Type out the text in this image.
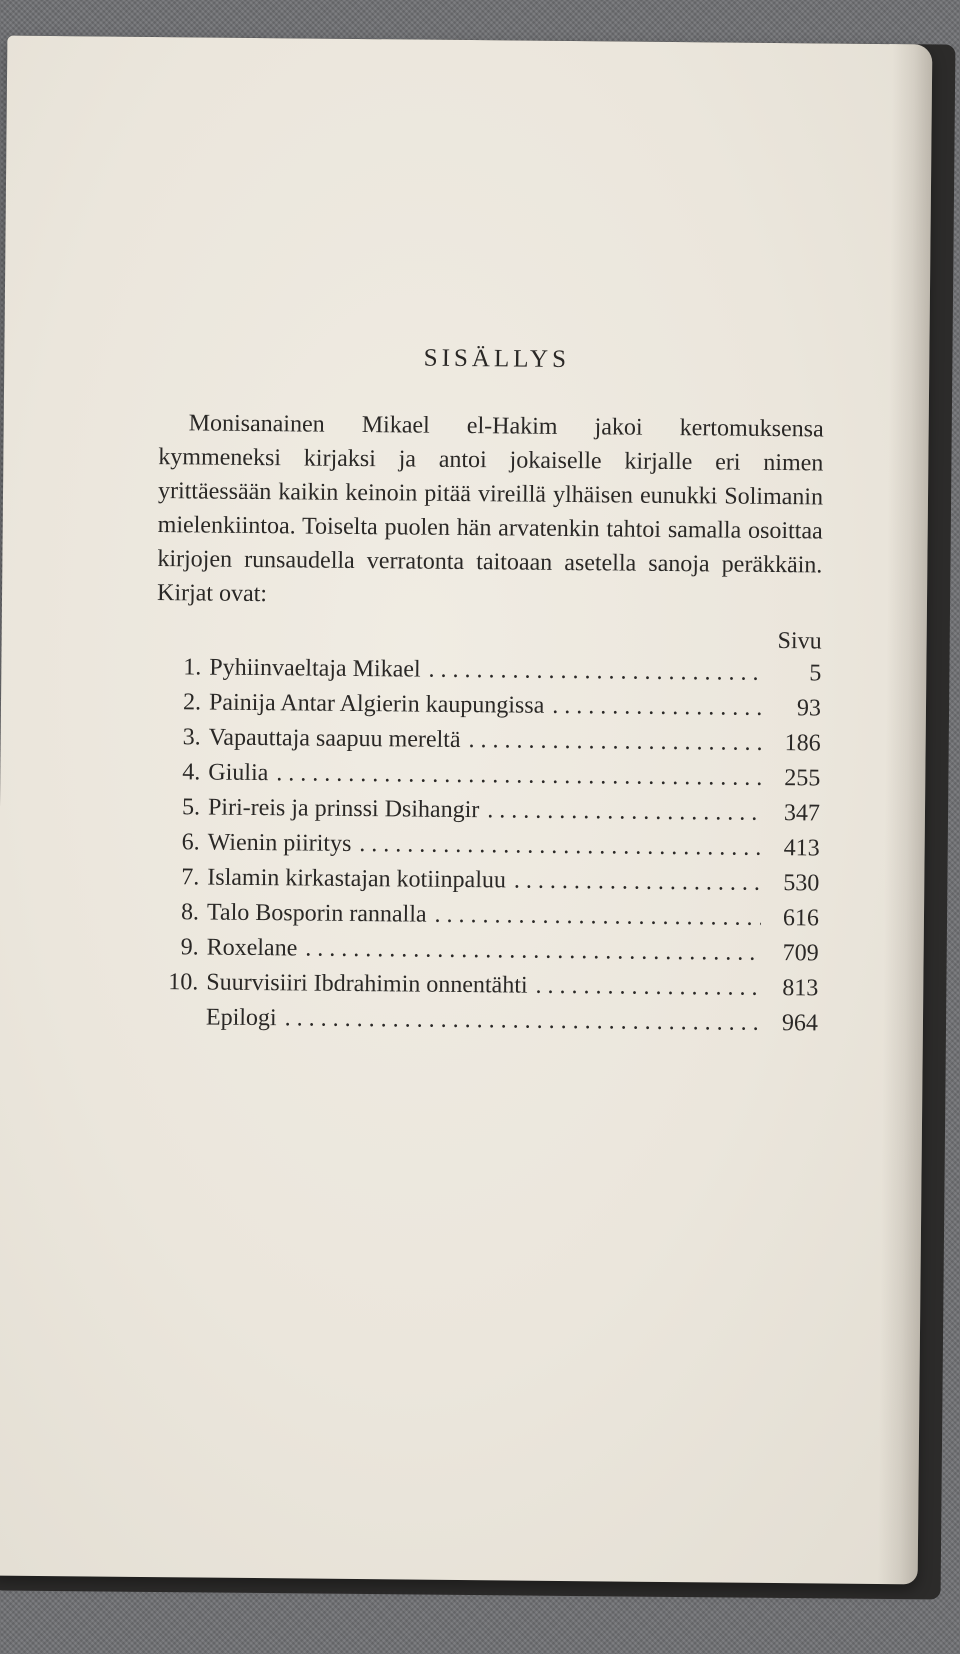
SISÄLLYS

Monisanainen Mikael el-Hakim jakoi kertomuksensa kymmeneksi kirjaksi ja antoi jokaiselle kirjalle eri nimen yrittäessään kaikin keinoin pitää vireillä ylhäisen eunukki Solimanin mielenkiintoa. Toiselta puolen hän arvatenkin tahtoi samalla osoittaa kirjojen runsaudella verratonta taitoaan asetella sanoja peräkkäin. Kirjat ovat:

Sivu
1. Pyhiinvaeltaja Mikael . . .	5
2. Painija Antar Algierin kaupungissa . . .	93
3. Vapauttaja saapuu mereltä . . .	186
4. Giulia . . .	255
5. Piri-reis ja prinssi Dsihangir . . .	347
6. Wienin piiritys . . .	413
7. Islamin kirkastajan kotiinpaluu . . .	530
8. Talo Bosporin rannalla . . .	616
9. Roxelane . . .	709
10. Suurvisiiri Ibdrahimin onnentähti . . .	813
Epilogi . . .	964
